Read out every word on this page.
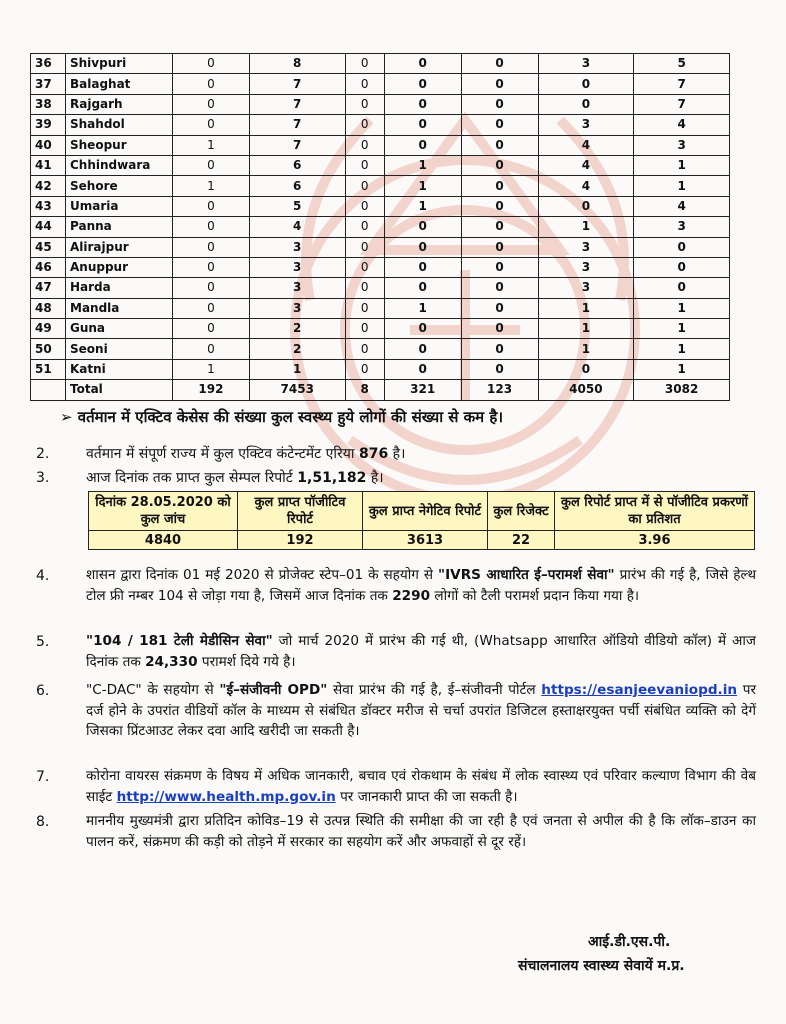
36	Shivpuri	0	8	0	0	0	3	5
37	Balaghat	0	7	0	0	0	0	7
38	Rajgarh	0	7	0	0	0	0	7
39	Shahdol	0	7	0	0	0	3	4
40	Sheopur	1	7	0	0	0	4	3
41	Chhindwara	0	6	0	1	0	4	1
42	Sehore	1	6	0	1	0	4	1
43	Umaria	0	5	0	1	0	0	4
44	Panna	0	4	0	0	0	1	3
45	Alirajpur	0	3	0	0	0	3	0
46	Anuppur	0	3	0	0	0	3	0
47	Harda	0	3	0	0	0	3	0
48	Mandla	0	3	0	1	0	1	1
49	Guna	0	2	0	0	0	1	1
50	Seoni	0	2	0	0	0	1	1
51	Katni	1	1	0	0	0	0	1
	Total	192	7453	8	321	123	4050	3082
➢ वर्तमान में एक्टिव केसेस की संख्या कुल स्वस्थ्य हुये लोगों की संख्या से कम है।
2.	वर्तमान में संपूर्ण राज्य में कुल एक्टिव कंटेन्टमेंट एरिया 876 है।
3.	आज दिनांक तक प्राप्त कुल सेम्पल रिपोर्ट 1,51,182 है।
दिनांक 28.05.2020 को कुल जांच	कुल प्राप्त पॉजीटिव रिपोर्ट	कुल प्राप्त नेगेटिव रिपोर्ट	कुल रिजेक्ट	कुल रिपोर्ट प्राप्त में से पॉजीटिव प्रकरणों का प्रतिशत
4840	192	3613	22	3.96
4.	शासन द्वारा दिनांक 01 मई 2020 से प्रोजेक्ट स्टेप–01 के सहयोग से "IVRS आधारित ई–परामर्श सेवा" प्रारंभ की गई है, जिसे हेल्थ टोल फ्री नम्बर 104 से जोड़ा गया है, जिसमें आज दिनांक तक 2290 लोगों को टैली परामर्श प्रदान किया गया है।
5.	"104 / 181 टेली मेडीसिन सेवा" जो मार्च 2020 में प्रारंभ की गई थी, (Whatsapp आधारित ऑडियो वीडियो कॉल) में आज दिनांक तक 24,330 परामर्श दिये गये है।
6.	"C-DAC" के सहयोग से "ई–संजीवनी OPD" सेवा प्रारंभ की गई है, ई–संजीवनी पोर्टल https://esanjeevaniopd.in पर दर्ज होने के उपरांत वीडियों कॉल के माध्यम से संबंधित डॉक्टर मरीज से चर्चा उपरांत डिजिटल हस्ताक्षरयुक्त पर्ची संबंधित व्यक्ति को देगें जिसका प्रिंटआउट लेकर दवा आदि खरीदी जा सकती है।
7.	कोरोना वायरस संक्रमण के विषय में अधिक जानकारी, बचाव एवं रोकथाम के संबंध में लोक स्वास्थ्य एवं परिवार कल्याण विभाग की वेब साईट http://www.health.mp.gov.in पर जानकारी प्राप्त की जा सकती है।
8.	माननीय मुख्यमंत्री द्वारा प्रतिदिन कोविड–19 से उत्पन्न स्थिति की समीक्षा की जा रही है एवं जनता से अपील की है कि लॉक–डाउन का पालन करें, संक्रमण की कड़ी को तोड़ने में सरकार का सहयोग करें और अफवाहों से दूर रहें।
आई.डी.एस.पी.
संचालनालय स्वास्थ्य सेवायें म.प्र.
